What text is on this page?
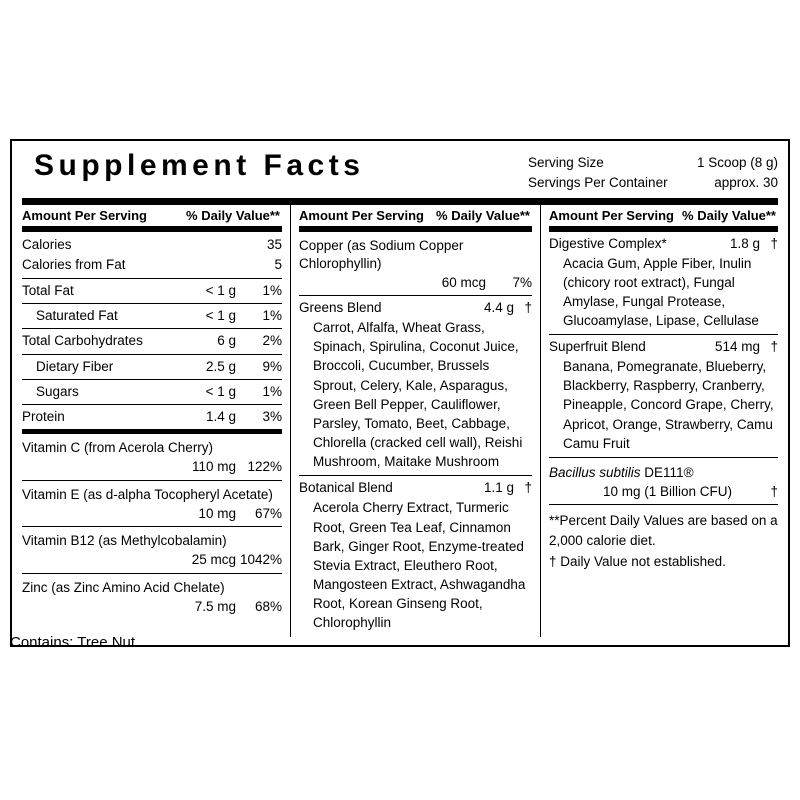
Supplement Facts	Serving Size	1 Scoop (8 g)
Servings Per Container	approx. 30
Amount Per Serving	% Daily Value**
Calories	35
Calories from Fat	5
Total Fat	< 1 g	1%
Saturated Fat	< 1 g	1%
Total Carbohydrates	6 g	2%
Dietary Fiber	2.5 g	9%
Sugars	< 1 g	1%
Protein	1.4 g	3%
Vitamin C (from Acerola Cherry)
110 mg 122%
Vitamin E (as d-alpha Tocopheryl Acetate)
10 mg	67%
Vitamin B12 (as Methylcobalamin)
25 mcg 1042%
Zinc (as Zinc Amino Acid Chelate)
7.5 mg	68%
Amount Per Serving % Daily Value**
Copper (as Sodium Copper Chlorophyllin)
60 mcg	7%
Greens Blend	4.4 g †
Carrot, Alfalfa, Wheat Grass, Spinach, Spirulina, Coconut Juice, Broccoli, Cucumber, Brussels Sprout, Celery, Kale, Asparagus, Green Bell Pepper, Cauliflower, Parsley, Tomato, Beet, Cabbage, Chlorella (cracked cell wall), Reishi Mushroom, Maitake Mushroom
Botanical Blend	1.1 g †
Acerola Cherry Extract, Turmeric Root, Green Tea Leaf, Cinnamon Bark, Ginger Root, Enzyme-treated Stevia Extract, Eleuthero Root, Mangosteen Extract, Ashwagandha Root, Korean Ginseng Root, Chlorophyllin
Amount Per Serving % Daily Value**
Digestive Complex*	1.8 g †
Acacia Gum, Apple Fiber, Inulin (chicory root extract), Fungal Amylase, Fungal Protease, Glucoamylase, Lipase, Cellulase
Superfruit Blend	514 mg †
Banana, Pomegranate, Blueberry, Blackberry, Raspberry, Cranberry, Pineapple, Concord Grape, Cherry, Apricot, Orange, Strawberry, Camu Camu Fruit
Bacillus subtilis DE111®
10 mg (1 Billion CFU)	†
**Percent Daily Values are based on a 2,000 calorie diet.
† Daily Value not established.
Contains: Tree Nut
